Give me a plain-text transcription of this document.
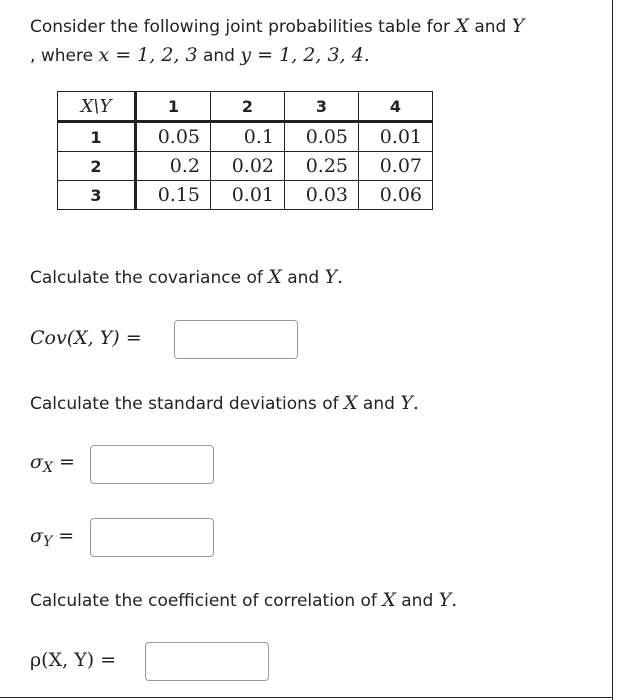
Consider the following joint probabilities table for X and Y
, where x = 1, 2, 3 and y = 1, 2, 3, 4.
X\Y	1	2	3	4
1	0.05	0.1	0.05	0.01
2	0.2	0.02	0.25	0.07
3	0.15	0.01	0.03	0.06
Calculate the covariance of X and Y.
Cov(X, Y) =
Calculate the standard deviations of X and Y.
$\sigma_X$ =
$\sigma_Y$ =
Calculate the coefficient of correlation of X and Y.
ρ(X, Y) =
